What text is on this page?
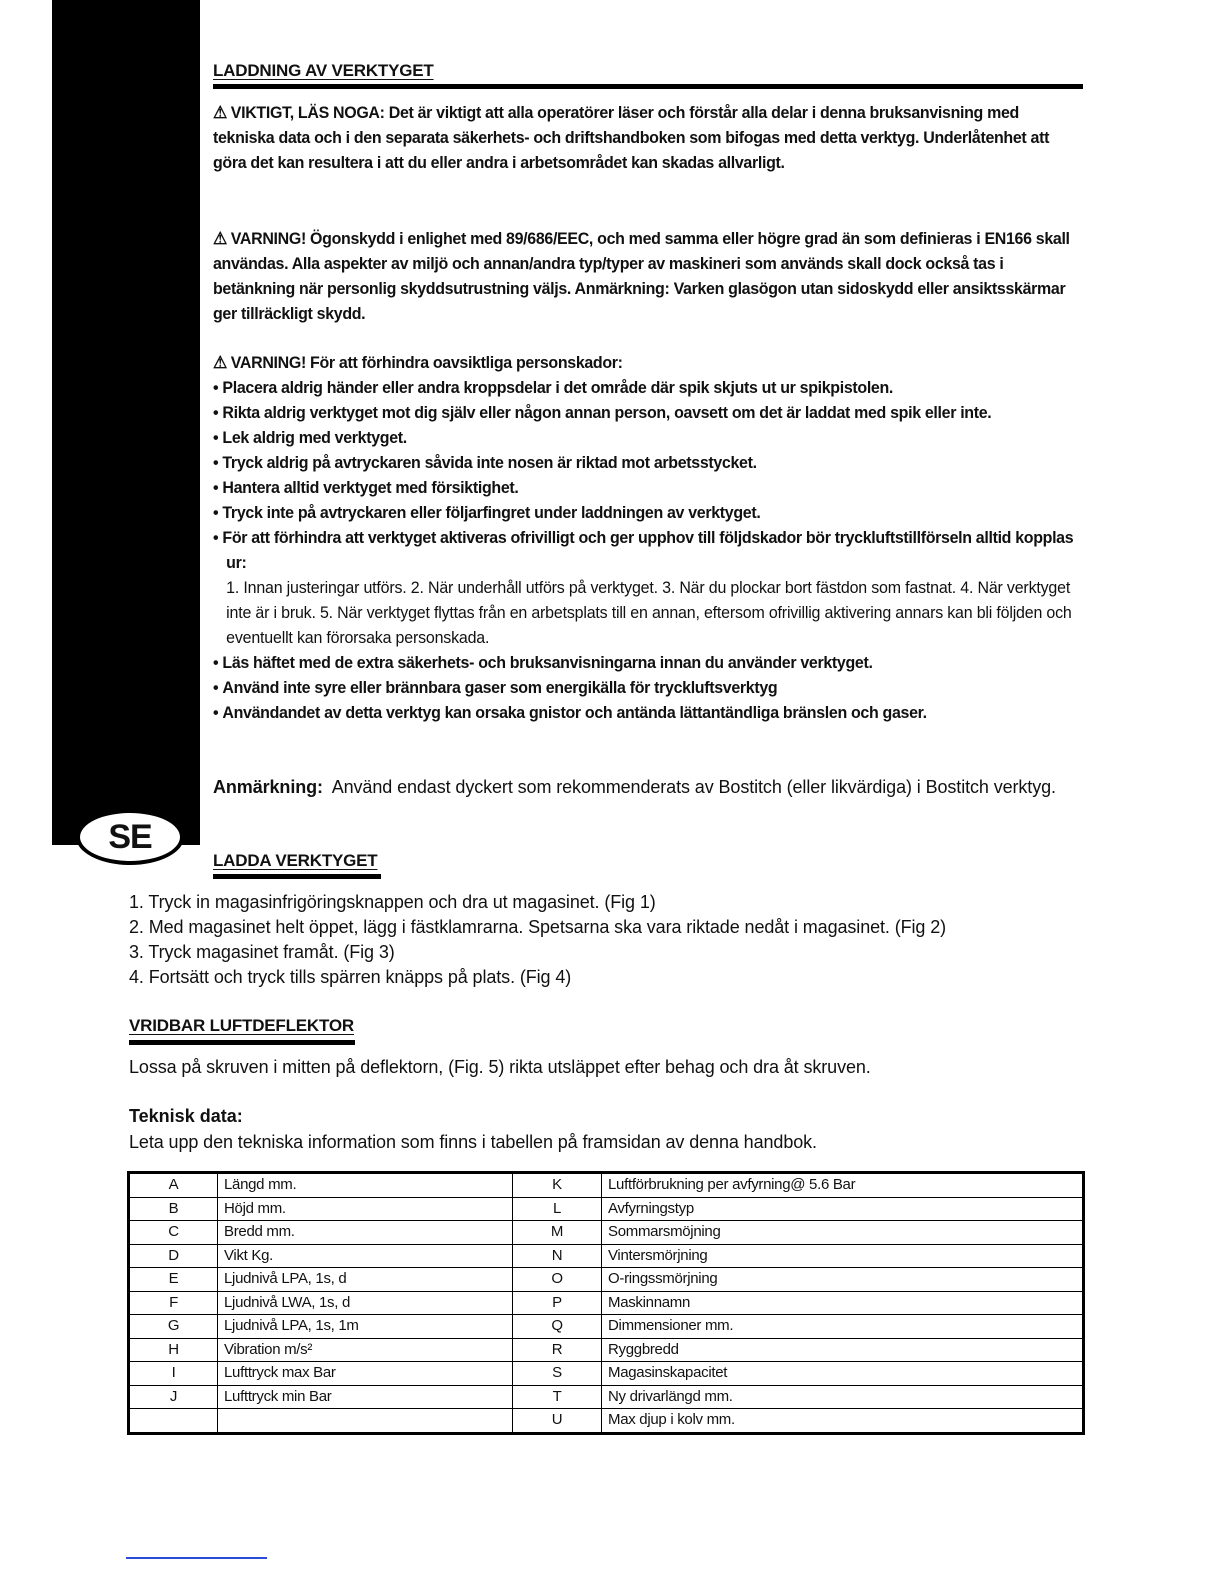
SE
LADDNING AV VERKTYGET

⚠ VIKTIGT, LÄS NOGA: Det är viktigt att alla operatörer läser och förstår alla delar i denna bruksanvisning med tekniska data och i den separata säkerhets- och driftshandboken som bifogas med detta verktyg. Underlåtenhet att göra det kan resultera i att du eller andra i arbetsområdet kan skadas allvarligt.

⚠ VARNING! Ögonskydd i enlighet med 89/686/EEC, och med samma eller högre grad än som definieras i EN166 skall användas. Alla aspekter av miljö och annan/andra typ/typer av maskineri som används skall dock också tas i betänkning när personlig skyddsutrustning väljs. Anmärkning: Varken glasögon utan sidoskydd eller ansiktsskärmar ger tillräckligt skydd.

⚠ VARNING! För att förhindra oavsiktliga personskador:

• Placera aldrig händer eller andra kroppsdelar i det område där spik skjuts ut ur spikpistolen.
• Rikta aldrig verktyget mot dig själv eller någon annan person, oavsett om det är laddat med spik eller inte.
• Lek aldrig med verktyget.
• Tryck aldrig på avtryckaren såvida inte nosen är riktad mot arbetsstycket.
• Hantera alltid verktyget med försiktighet.
• Tryck inte på avtryckaren eller följarfingret under laddningen av verktyget.
• För att förhindra att verktyget aktiveras ofrivilligt och ger upphov till följdskador bör tryckluftstillförseln alltid kopplas ur:
1. Innan justeringar utförs. 2. När underhåll utförs på verktyget. 3. När du plockar bort fästdon som fastnat. 4. När verktyget inte är i bruk. 5. När verktyget flyttas från en arbetsplats till en annan, eftersom ofrivillig aktivering annars kan bli följden och eventuellt kan förorsaka personskada.
• Läs häftet med de extra säkerhets- och bruksanvisningarna innan du använder verktyget.
• Använd inte syre eller brännbara gaser som energikälla för tryckluftsverktyg
• Användandet av detta verktyg kan orsaka gnistor och antända lättantändliga bränslen och gaser.

Anmärkning: Använd endast dyckert som rekommenderats av Bostitch (eller likvärdiga) i Bostitch verktyg.

LADDA VERKTYGET
1. Tryck in magasinfrigöringsknappen och dra ut magasinet. (Fig 1)
2. Med magasinet helt öppet, lägg i fästklamrarna. Spetsarna ska vara riktade nedåt i magasinet. (Fig 2)
3. Tryck magasinet framåt. (Fig 3)
4. Fortsätt och tryck tills spärren knäpps på plats. (Fig 4)
VRIDBAR LUFTDEFLEKTOR

Lossa på skruven i mitten på deflektorn, (Fig. 5) rikta utsläppet efter behag och dra åt skruven.

Teknisk data:

Leta upp den tekniska information som finns i tabellen på framsidan av denna handbok.

A	Längd mm.	K	Luftförbrukning per avfyrning@ 5.6 Bar
B	Höjd mm.	L	Avfyrningstyp
C	Bredd mm.	M	Sommarsmöjning
D	Vikt Kg.	N	Vintersmörjning
E	Ljudnivå LPA, 1s, d	O	O-ringssmörjning
F	Ljudnivå LWA, 1s, d	P	Maskinnamn
G	Ljudnivå LPA, 1s, 1m	Q	Dimmensioner mm.
H	Vibration m/s²	R	Ryggbredd
I	Lufttryck max Bar	S	Magasinskapacitet
J	Lufttryck min Bar	T	Ny drivarlängd mm.
		U	Max djup i kolv mm.
